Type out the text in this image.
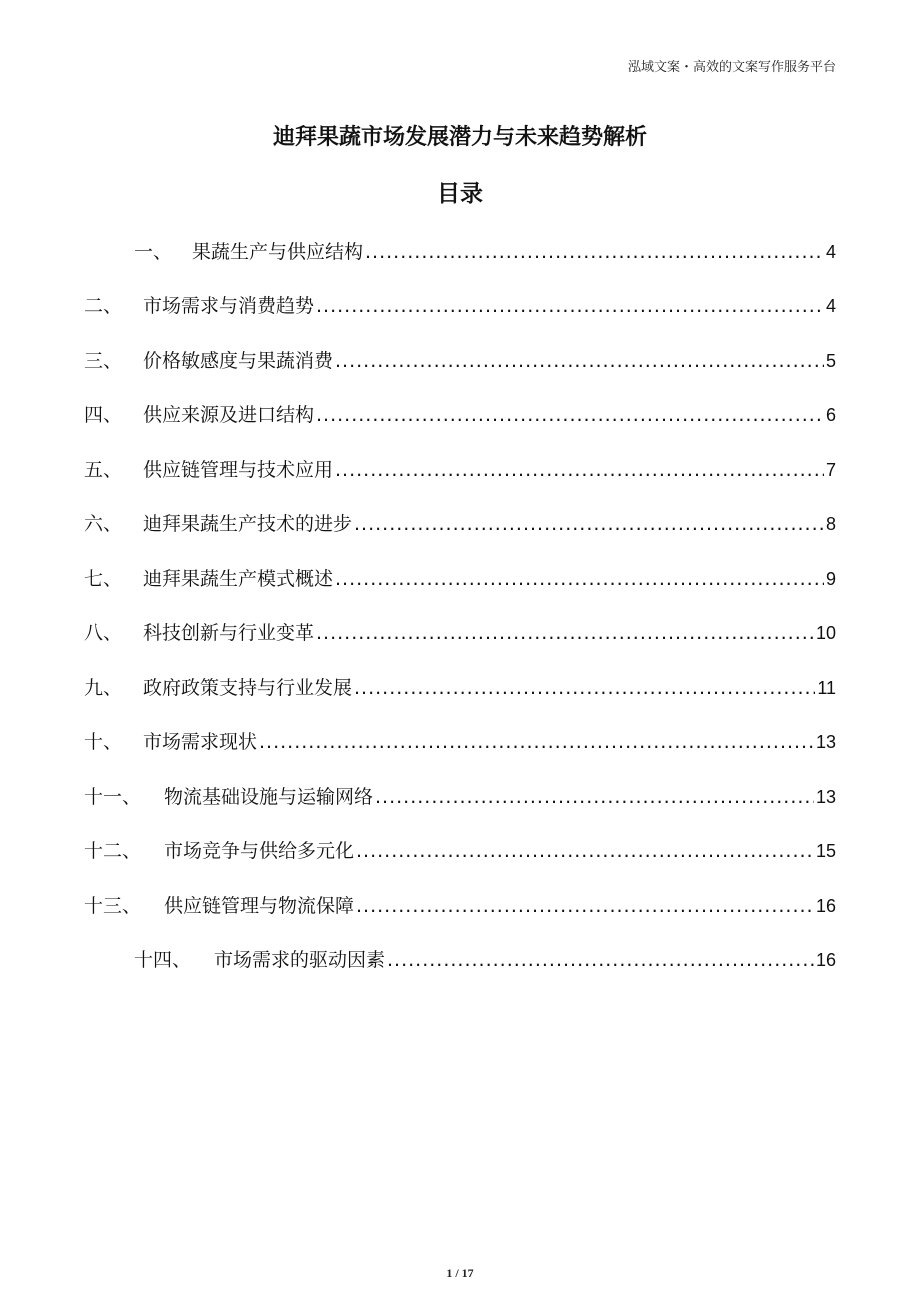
泓域文案・高效的文案写作服务平台
迪拜果蔬市场发展潜力与未来趋势解析
目录
一、	果蔬生产与供应结构 .....	4
二、	市场需求与消费趋势 .....	4
三、	价格敏感度与果蔬消费 .....	5
四、	供应来源及进口结构 .....	6
五、	供应链管理与技术应用 .....	7
六、	迪拜果蔬生产技术的进步 .....	8
七、	迪拜果蔬生产模式概述 .....	9
八、	科技创新与行业变革 .....	10
九、	政府政策支持与行业发展 .....	11
十、	市场需求现状 .....	13
十一、	物流基础设施与运输网络 .....	13
十二、	市场竞争与供给多元化 .....	15
十三、	供应链管理与物流保障 .....	16
十四、	市场需求的驱动因素 .....	16
1 / 17
